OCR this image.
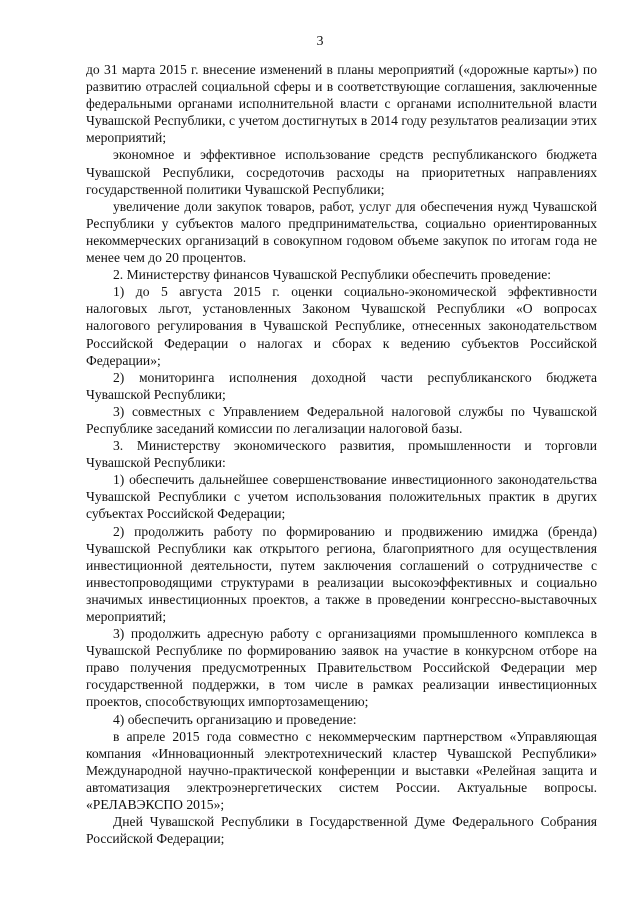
3

до 31 марта 2015 г. внесение изменений в планы мероприятий («дорожные карты») по развитию отраслей социальной сферы и в соответствующие соглашения, заключенные федеральными органами исполнительной власти с органами исполнительной власти Чувашской Республики, с учетом достигнутых в 2014 году результатов реализации этих мероприятий;

экономное и эффективное использование средств республиканского бюджета Чувашской Республики, сосредоточив расходы на приоритетных направлениях государственной политики Чувашской Республики;

увеличение доли закупок товаров, работ, услуг для обеспечения нужд Чувашской Республики у субъектов малого предпринимательства, социально ориентированных некоммерческих организаций в совокупном годовом объеме закупок по итогам года не менее чем до 20 процентов.

2. Министерству финансов Чувашской Республики обеспечить проведение:

1) до 5 августа 2015 г. оценки социально-экономической эффективности налоговых льгот, установленных Законом Чувашской Республики «О вопросах налогового регулирования в Чувашской Республике, отнесенных законодательством Российской Федерации о налогах и сборах к ведению субъектов Российской Федерации»;

2) мониторинга исполнения доходной части республиканского бюджета Чувашской Республики;

3) совместных с Управлением Федеральной налоговой службы по Чувашской Республике заседаний комиссии по легализации налоговой базы.

3. Министерству экономического развития, промышленности и торговли Чувашской Республики:

1) обеспечить дальнейшее совершенствование инвестиционного законодательства Чувашской Республики с учетом использования положительных практик в других субъектах Российской Федерации;

2) продолжить работу по формированию и продвижению имиджа (бренда) Чувашской Республики как открытого региона, благоприятного для осуществления инвестиционной деятельности, путем заключения соглашений о сотрудничестве с инвестопроводящими структурами в реализации высокоэффективных и социально значимых инвестиционных проектов, а также в проведении конгрессно-выставочных мероприятий;

3) продолжить адресную работу с организациями промышленного комплекса в Чувашской Республике по формированию заявок на участие в конкурсном отборе на право получения предусмотренных Правительством Российской Федерации мер государственной поддержки, в том числе в рамках реализации инвестиционных проектов, способствующих импортозамещению;

4) обеспечить организацию и проведение:

в апреле 2015 года совместно с некоммерческим партнерством «Управляющая компания «Инновационный электротехнический кластер Чувашской Республики» Международной научно-практической конференции и выставки «Релейная защита и автоматизация электроэнергетических систем России. Актуальные вопросы. «РЕЛАВЭКСПО 2015»;

Дней Чувашской Республики в Государственной Думе Федерального Собрания Российской Федерации;
